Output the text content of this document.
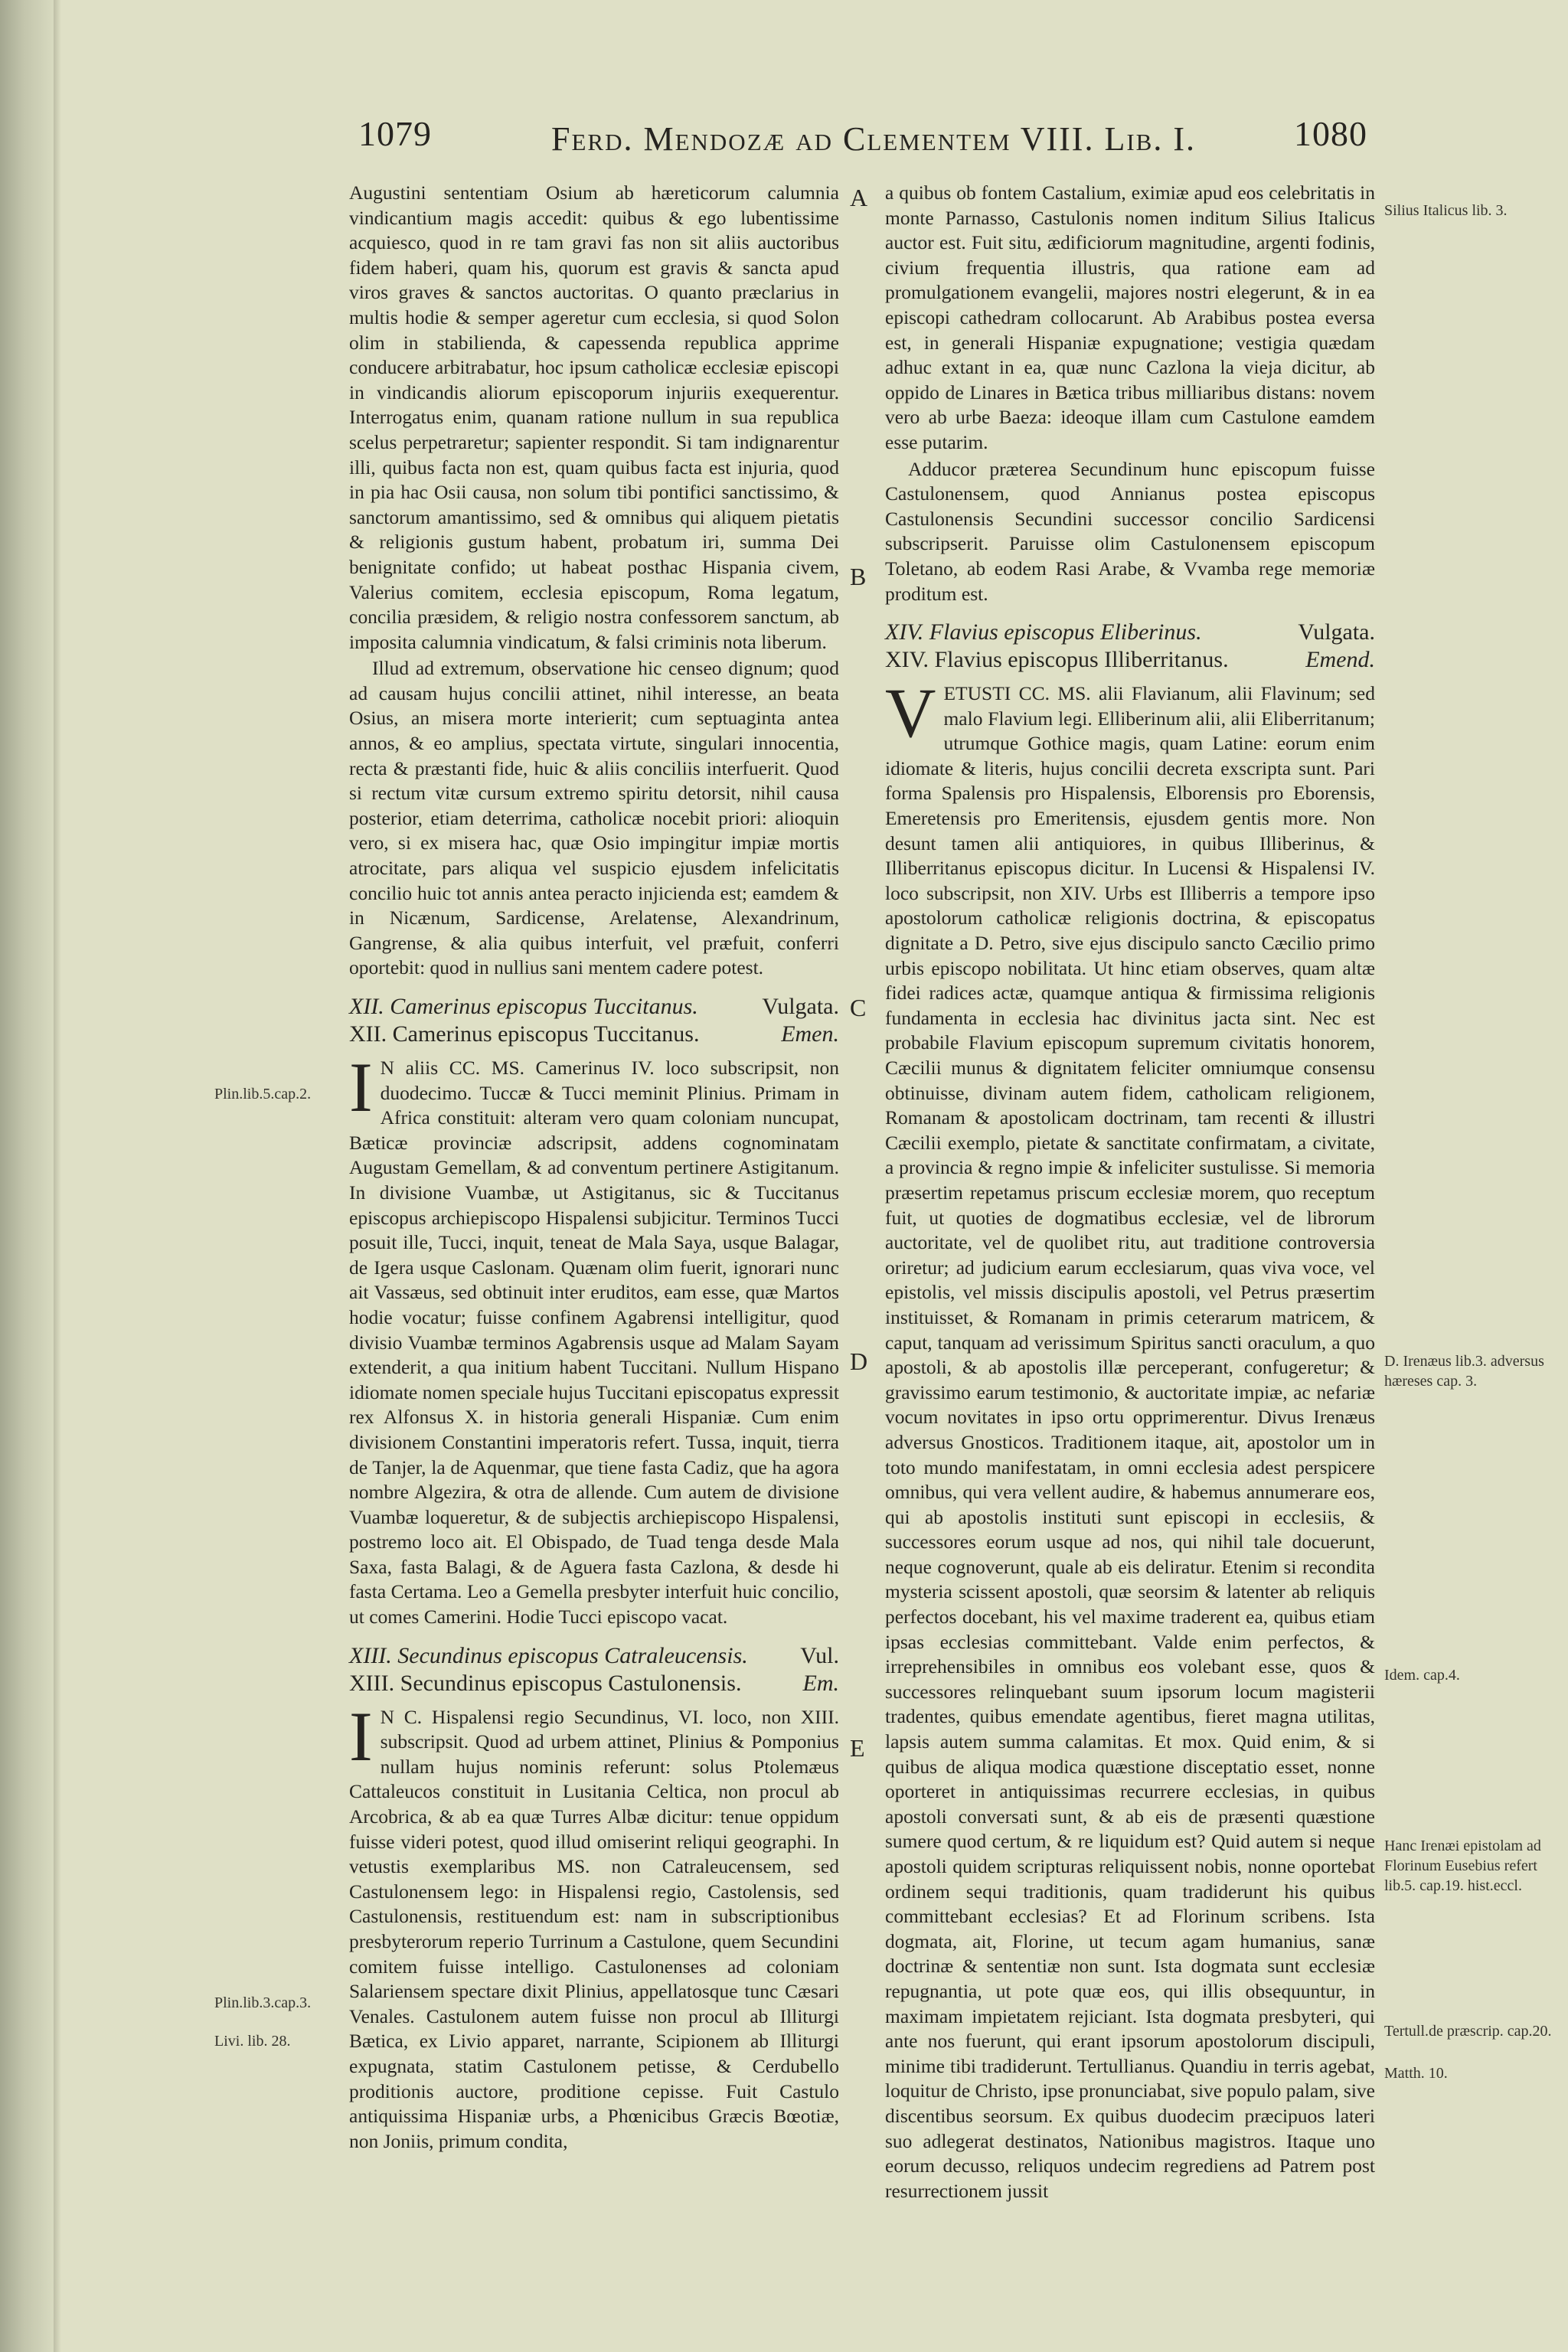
1079	Ferd. Mendozæ ad Clementem VIII. Lib. I.	1080
A
B
C
D
E
Plin.lib.5.cap.2.
Plin.lib.3.cap.3.
Livi. lib. 28.
Silius Italicus lib. 3.
D. Irenæus lib.3. adversus hæreses cap. 3.
Idem. cap.4.
Hanc Irenæi epistolam ad Florinum Eusebius refert lib.5. cap.19. hist.eccl.
Tertull.de præscrip. cap.20.
Matth. 10.

Augustini sententiam Osium ab hæreticorum calumnia vindicantium magis accedit: quibus & ego lubentissime acquiesco, quod in re tam gravi fas non sit aliis auctoribus fidem haberi, quam his, quorum est gravis & sancta apud viros graves & sanctos auctoritas. O quanto præclarius in multis hodie & semper ageretur cum ecclesia, si quod Solon olim in stabilienda, & capessenda republica apprime conducere arbitrabatur, hoc ipsum catholicæ ecclesiæ episcopi in vindicandis aliorum episcoporum injuriis exequerentur. Interrogatus enim, quanam ratione nullum in sua republica scelus perpetraretur; sapienter respondit. Si tam indignarentur illi, quibus facta non est, quam quibus facta est injuria, quod in pia hac Osii causa, non solum tibi pontifici sanctissimo, & sanctorum amantissimo, sed & omnibus qui aliquem pietatis & religionis gustum habent, probatum iri, summa Dei benignitate confido; ut habeat posthac Hispania civem, Valerius comitem, ecclesia episcopum, Roma legatum, concilia præsidem, & religio nostra confessorem sanctum, ab imposita calumnia vindicatum, & falsi criminis nota liberum.

Illud ad extremum, observatione hic censeo dignum; quod ad causam hujus concilii attinet, nihil interesse, an beata Osius, an misera morte interierit; cum septuaginta antea annos, & eo amplius, spectata virtute, singulari innocentia, recta & præstanti fide, huic & aliis conciliis interfuerit. Quod si rectum vitæ cursum extremo spiritu detorsit, nihil causa posterior, etiam deterrima, catholicæ nocebit priori: alioquin vero, si ex misera hac, quæ Osio impingitur impiæ mortis atrocitate, pars aliqua vel suspicio ejusdem infelicitatis concilio huic tot annis antea peracto injicienda est; eamdem & in Nicænum, Sardicense, Arelatense, Alexandrinum, Gangrense, & alia quibus interfuit, vel præfuit, conferri oportebit: quod in nullius sani mentem cadere potest.

XII. Camerinus episcopus Tuccitanus.	Vulgata.
XII. Camerinus episcopus Tuccitanus.	Emen.

I N aliis CC. MS. Camerinus IV. loco subscripsit, non duodecimo. Tuccæ & Tucci meminit Plinius. Primam in Africa constituit: alteram vero quam coloniam nuncupat, Bæticæ provinciæ adscripsit, addens cognominatam Augustam Gemellam, & ad conventum pertinere Astigitanum. In divisione Vuambæ, ut Astigitanus, sic & Tuccitanus episcopus archiepiscopo Hispalensi subjicitur. Terminos Tucci posuit ille, Tucci, inquit, teneat de Mala Saya, usque Balagar, de Igera usque Caslonam. Quænam olim fuerit, ignorari nunc ait Vassæus, sed obtinuit inter eruditos, eam esse, quæ Martos hodie vocatur; fuisse confinem Agabrensi intelligitur, quod divisio Vuambæ terminos Agabrensis usque ad Malam Sayam extenderit, a qua initium habent Tuccitani. Nullum Hispano idiomate nomen speciale hujus Tuccitani episcopatus expressit rex Alfonsus X. in historia generali Hispaniæ. Cum enim divisionem Constantini imperatoris refert. Tussa, inquit, tierra de Tanjer, la de Aquenmar, que tiene fasta Cadiz, que ha agora nombre Algezira, & otra de allende. Cum autem de divisione Vuambæ loqueretur, & de subjectis archiepiscopo Hispalensi, postremo loco ait. El Obispado, de Tuad tenga desde Mala Saxa, fasta Balagi, & de Aguera fasta Cazlona, & desde hi fasta Certama. Leo a Gemella presbyter interfuit huic concilio, ut comes Camerini. Hodie Tucci episcopo vacat.

XIII. Secundinus episcopus Catraleucensis. Vul.
XIII. Secundinus episcopus Castulonensis.	Em.

I N C. Hispalensi regio Secundinus, VI. loco, non XIII. subscripsit. Quod ad urbem attinet, Plinius & Pomponius nullam hujus nominis referunt: solus Ptolemæus Cattaleucos constituit in Lusitania Celtica, non procul ab Arcobrica, & ab ea quæ Turres Albæ dicitur: tenue oppidum fuisse videri potest, quod illud omiserint reliqui geographi. In vetustis exemplaribus MS. non Catraleucensem, sed Castulonensem lego: in Hispalensi regio, Castolensis, sed Castulonensis, restituendum est: nam in subscriptionibus presbyterorum reperio Turrinum a Castulone, quem Secundini comitem fuisse intelligo. Castulonenses ad coloniam Salariensem spectare dixit Plinius, appellatosque tunc Cæsari Venales. Castulonem autem fuisse non procul ab Illiturgi Bætica, ex Livio apparet, narrante, Scipionem ab Illiturgi expugnata, statim Castulonem petisse, & Cerdubello proditionis auctore, proditione cepisse. Fuit Castulo antiquissima Hispaniæ urbs, a Phœnicibus Græcis Bœotiæ, non Joniis, primum condita,

a quibus ob fontem Castalium, eximiæ apud eos celebritatis in monte Parnasso, Castulonis nomen inditum Silius Italicus auctor est. Fuit situ, ædificiorum magnitudine, argenti fodinis, civium frequentia illustris, qua ratione eam ad promulgationem evangelii, majores nostri elegerunt, & in ea episcopi cathedram collocarunt. Ab Arabibus postea eversa est, in generali Hispaniæ expugnatione; vestigia quædam adhuc extant in ea, quæ nunc Cazlona la vieja dicitur, ab oppido de Linares in Bætica tribus milliaribus distans: novem vero ab urbe Baeza: ideoque illam cum Castulone eamdem esse putarim.

Adducor præterea Secundinum hunc episcopum fuisse Castulonensem, quod Annianus postea episcopus Castulonensis Secundini successor concilio Sardicensi subscripserit. Paruisse olim Castulonensem episcopum Toletano, ab eodem Rasi Arabe, & Vvamba rege memoriæ proditum est.

XIV. Flavius episcopus Eliberinus.	Vulgata.
XIV. Flavius episcopus Illiberritanus.	Emend.

VETUSTI CC. MS. alii Flavianum, alii Flavinum; sed malo Flavium legi. Elliberinum alii, alii Eliberritanum; utrumque Gothice magis, quam Latine: eorum enim idiomate & literis, hujus concilii decreta exscripta sunt. Pari forma Spalensis pro Hispalensis, Elborensis pro Eborensis, Emeretensis pro Emeritensis, ejusdem gentis more. Non desunt tamen alii antiquiores, in quibus Illiberinus, & Illiberritanus episcopus dicitur. In Lucensi & Hispalensi IV. loco subscripsit, non XIV. Urbs est Illiberris a tempore ipso apostolorum catholicæ religionis doctrina, & episcopatus dignitate a D. Petro, sive ejus discipulo sancto Cæcilio primo urbis episcopo nobilitata. Ut hinc etiam observes, quam altæ fidei radices actæ, quamque antiqua & firmissima religionis fundamenta in ecclesia hac divinitus jacta sint. Nec est probabile Flavium episcopum supremum civitatis honorem, Cæcilii munus & dignitatem feliciter omniumque consensu obtinuisse, divinam autem fidem, catholicam religionem, Romanam & apostolicam doctrinam, tam recenti & illustri Cæcilii exemplo, pietate & sanctitate confirmatam, a civitate, a provincia & regno impie & infeliciter sustulisse. Si memoria præsertim repetamus priscum ecclesiæ morem, quo receptum fuit, ut quoties de dogmatibus ecclesiæ, vel de librorum auctoritate, vel de quolibet ritu, aut traditione controversia oriretur; ad judicium earum ecclesiarum, quas viva voce, vel epistolis, vel missis discipulis apostoli, vel Petrus præsertim instituisset, & Romanam in primis ceterarum matricem, & caput, tanquam ad verissimum Spiritus sancti oraculum, a quo apostoli, & ab apostolis illæ perceperant, confugeretur; & gravissimo earum testimonio, & auctoritate impiæ, ac nefariæ vocum novitates in ipso ortu opprimerentur. Divus Irenæus adversus Gnosticos. Traditionem itaque, ait, apostolor um in toto mundo manifestatam, in omni ecclesia adest perspicere omnibus, qui vera vellent audire, & habemus annumerare eos, qui ab apostolis instituti sunt episcopi in ecclesiis, & successores eorum usque ad nos, qui nihil tale docuerunt, neque cognoverunt, quale ab eis deliratur. Etenim si recondita mysteria scissent apostoli, quæ seorsim & latenter ab reliquis perfectos docebant, his vel maxime traderent ea, quibus etiam ipsas ecclesias committebant. Valde enim perfectos, & irreprehensibiles in omnibus eos volebant esse, quos & successores relinquebant suum ipsorum locum magisterii tradentes, quibus emendate agentibus, fieret magna utilitas, lapsis autem summa calamitas. Et mox. Quid enim, & si quibus de aliqua modica quæstione disceptatio esset, nonne oporteret in antiquissimas recurrere ecclesias, in quibus apostoli conversati sunt, & ab eis de præsenti quæstione sumere quod certum, & re liquidum est? Quid autem si neque apostoli quidem scripturas reliquissent nobis, nonne oportebat ordinem sequi traditionis, quam tradiderunt his quibus committebant ecclesias? Et ad Florinum scribens. Ista dogmata, ait, Florine, ut tecum agam humanius, sanæ doctrinæ & sententiæ non sunt. Ista dogmata sunt ecclesiæ repugnantia, ut pote quæ eos, qui illis obsequuntur, in maximam impietatem rejiciant. Ista dogmata presbyteri, qui ante nos fuerunt, qui erant ipsorum apostolorum discipuli, minime tibi tradiderunt. Tertullianus. Quandiu in terris agebat, loquitur de Christo, ipse pronunciabat, sive populo palam, sive discentibus seorsum. Ex quibus duodecim præcipuos lateri suo adlegerat destinatos, Nationibus magistros. Itaque uno eorum decusso, reliquos undecim regrediens ad Patrem post resurrectionem jussit
